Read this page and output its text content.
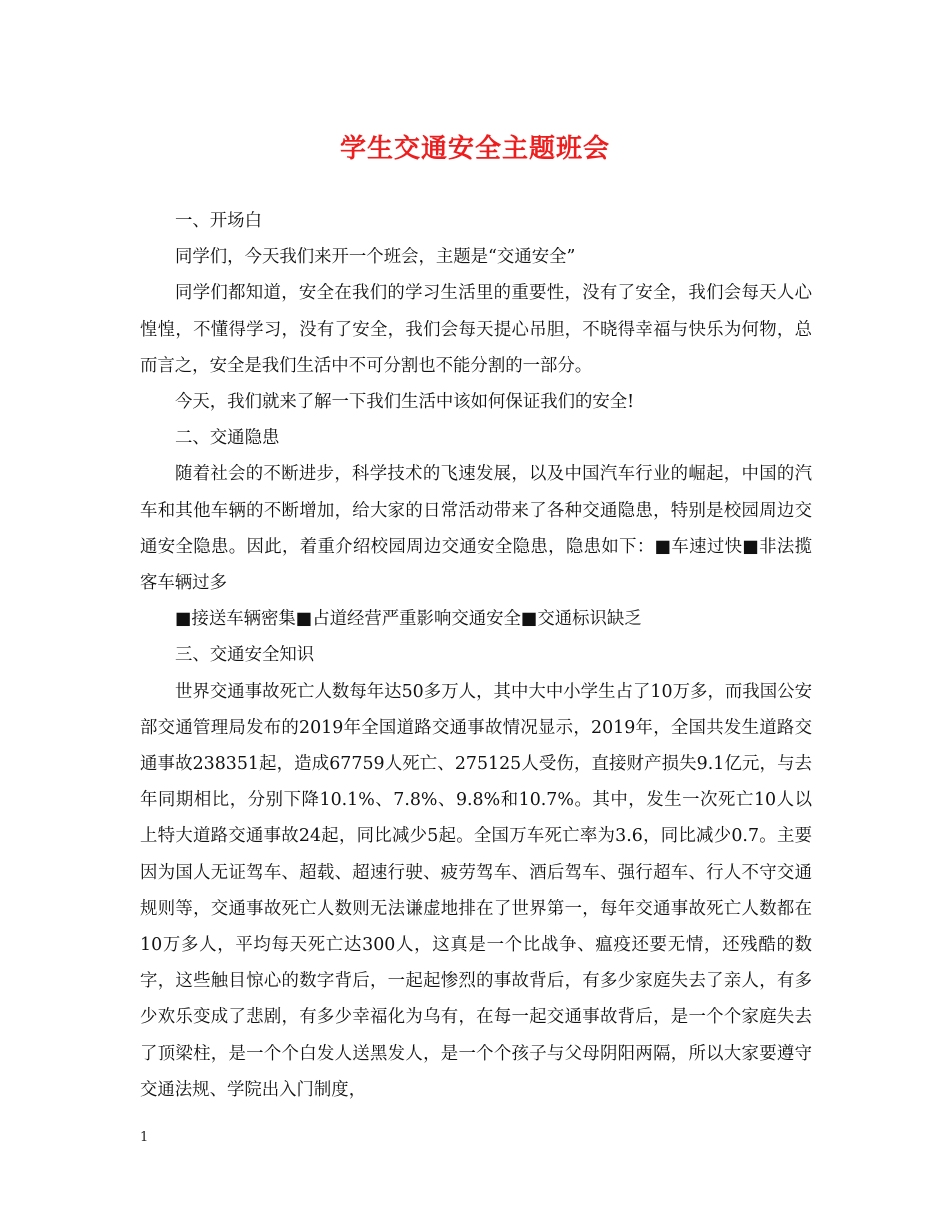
学生交通安全主题班会

一、开场白

同学们，今天我们来开一个班会，主题是“交通安全”

同学们都知道，安全在我们的学习生活里的重要性，没有了安全，我们会每天人心惶惶，不懂得学习，没有了安全，我们会每天提心吊胆，不晓得幸福与快乐为何物，总而言之，安全是我们生活中不可分割也不能分割的一部分。

今天，我们就来了解一下我们生活中该如何保证我们的安全!

二、交通隐患

随着社会的不断进步，科学技术的飞速发展，以及中国汽车行业的崛起，中国的汽车和其他车辆的不断增加，给大家的日常活动带来了各种交通隐患，特别是校园周边交通安全隐患。因此，着重介绍校园周边交通安全隐患，隐患如下：■车速过快■非法揽客车辆过多

■接送车辆密集■占道经营严重影响交通安全■交通标识缺乏

三、交通安全知识

世界交通事故死亡人数每年达50多万人，其中大中小学生占了10万多，而我国公安部交通管理局发布的2019年全国道路交通事故情况显示，2019年，全国共发生道路交通事故238351起，造成67759人死亡、275125人受伤，直接财产损失9.1亿元，与去年同期相比，分别下降10.1%、7.8%、9.8%和10.7%。其中，发生一次死亡10人以上特大道路交通事故24起，同比减少5起。全国万车死亡率为3.6，同比减少0.7。主要因为国人无证驾车、超载、超速行驶、疲劳驾车、酒后驾车、强行超车、行人不守交通规则等，交通事故死亡人数则无法谦虚地排在了世界第一，每年交通事故死亡人数都在10万多人，平均每天死亡达300人，这真是一个比战争、瘟疫还要无情，还残酷的数字，这些触目惊心的数字背后，一起起惨烈的事故背后，有多少家庭失去了亲人，有多少欢乐变成了悲剧，有多少幸福化为乌有，在每一起交通事故背后，是一个个家庭失去了顶梁柱，是一个个白发人送黑发人，是一个个孩子与父母阴阳两隔，所以大家要遵守交通法规、学院出入门制度，

1
